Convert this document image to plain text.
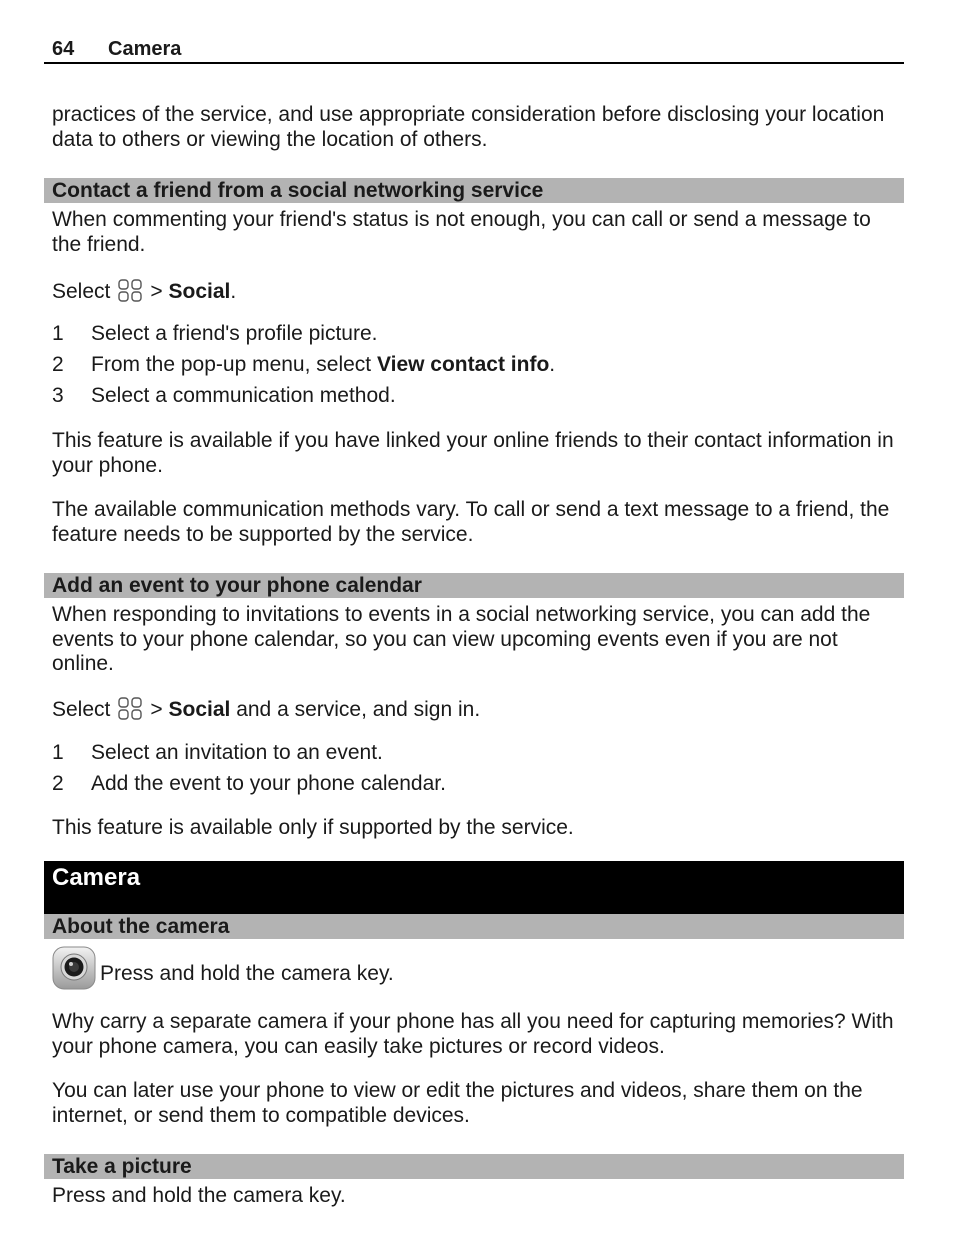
64 Camera
practices of the service, and use appropriate consideration before disclosing your location data to others or viewing the location of others.
Contact a friend from a social networking service
When commenting your friend's status is not enough, you can call or send a message to the friend.
Select > Social.
1 Select a friend's profile picture.
2 From the pop-up menu, select View contact info.
3 Select a communication method.
This feature is available if you have linked your online friends to their contact information in your phone.
The available communication methods vary. To call or send a text message to a friend, the feature needs to be supported by the service.
Add an event to your phone calendar
When responding to invitations to events in a social networking service, you can add the events to your phone calendar, so you can view upcoming events even if you are not online.
Select > Social and a service, and sign in.
1 Select an invitation to an event.
2 Add the event to your phone calendar.
This feature is available only if supported by the service.
Camera
About the camera
Press and hold the camera key.
Why carry a separate camera if your phone has all you need for capturing memories? With your phone camera, you can easily take pictures or record videos.
You can later use your phone to view or edit the pictures and videos, share them on the internet, or send them to compatible devices.
Take a picture
Press and hold the camera key.
